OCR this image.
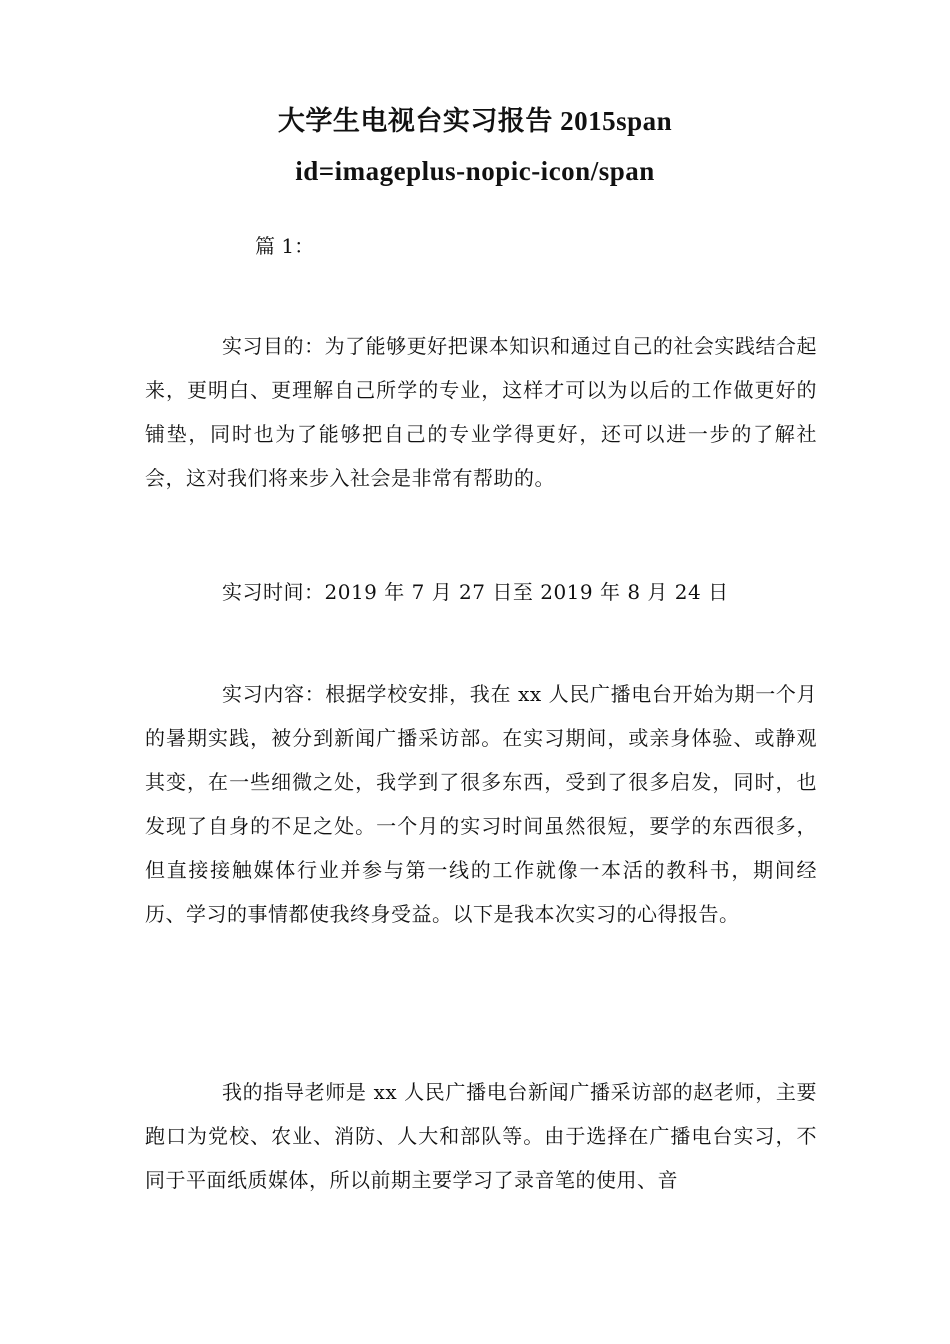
大学生电视台实习报告 2015span
id=imageplus-nopic-icon/span
篇 1：

实习目的：为了能够更好把课本知识和通过自己的社会实践结合起来，更明白、更理解自己所学的专业，这样才可以为以后的工作做更好的铺垫，同时也为了能够把自己的专业学得更好，还可以进一步的了解社会，这对我们将来步入社会是非常有帮助的。

实习时间：2019 年 7 月 27 日至 2019 年 8 月 24 日

实习内容：根据学校安排，我在 xx 人民广播电台开始为期一个月的暑期实践，被分到新闻广播采访部。在实习期间，或亲身体验、或静观其变，在一些细微之处，我学到了很多东西，受到了很多启发，同时，也发现了自身的不足之处。一个月的实习时间虽然很短，要学的东西很多，但直接接触媒体行业并参与第一线的工作就像一本活的教科书，期间经历、学习的事情都使我终身受益。以下是我本次实习的心得报告。

我的指导老师是 xx 人民广播电台新闻广播采访部的赵老师，主要跑口为党校、农业、消防、人大和部队等。由于选择在广播电台实习，不同于平面纸质媒体，所以前期主要学习了录音笔的使用、音
